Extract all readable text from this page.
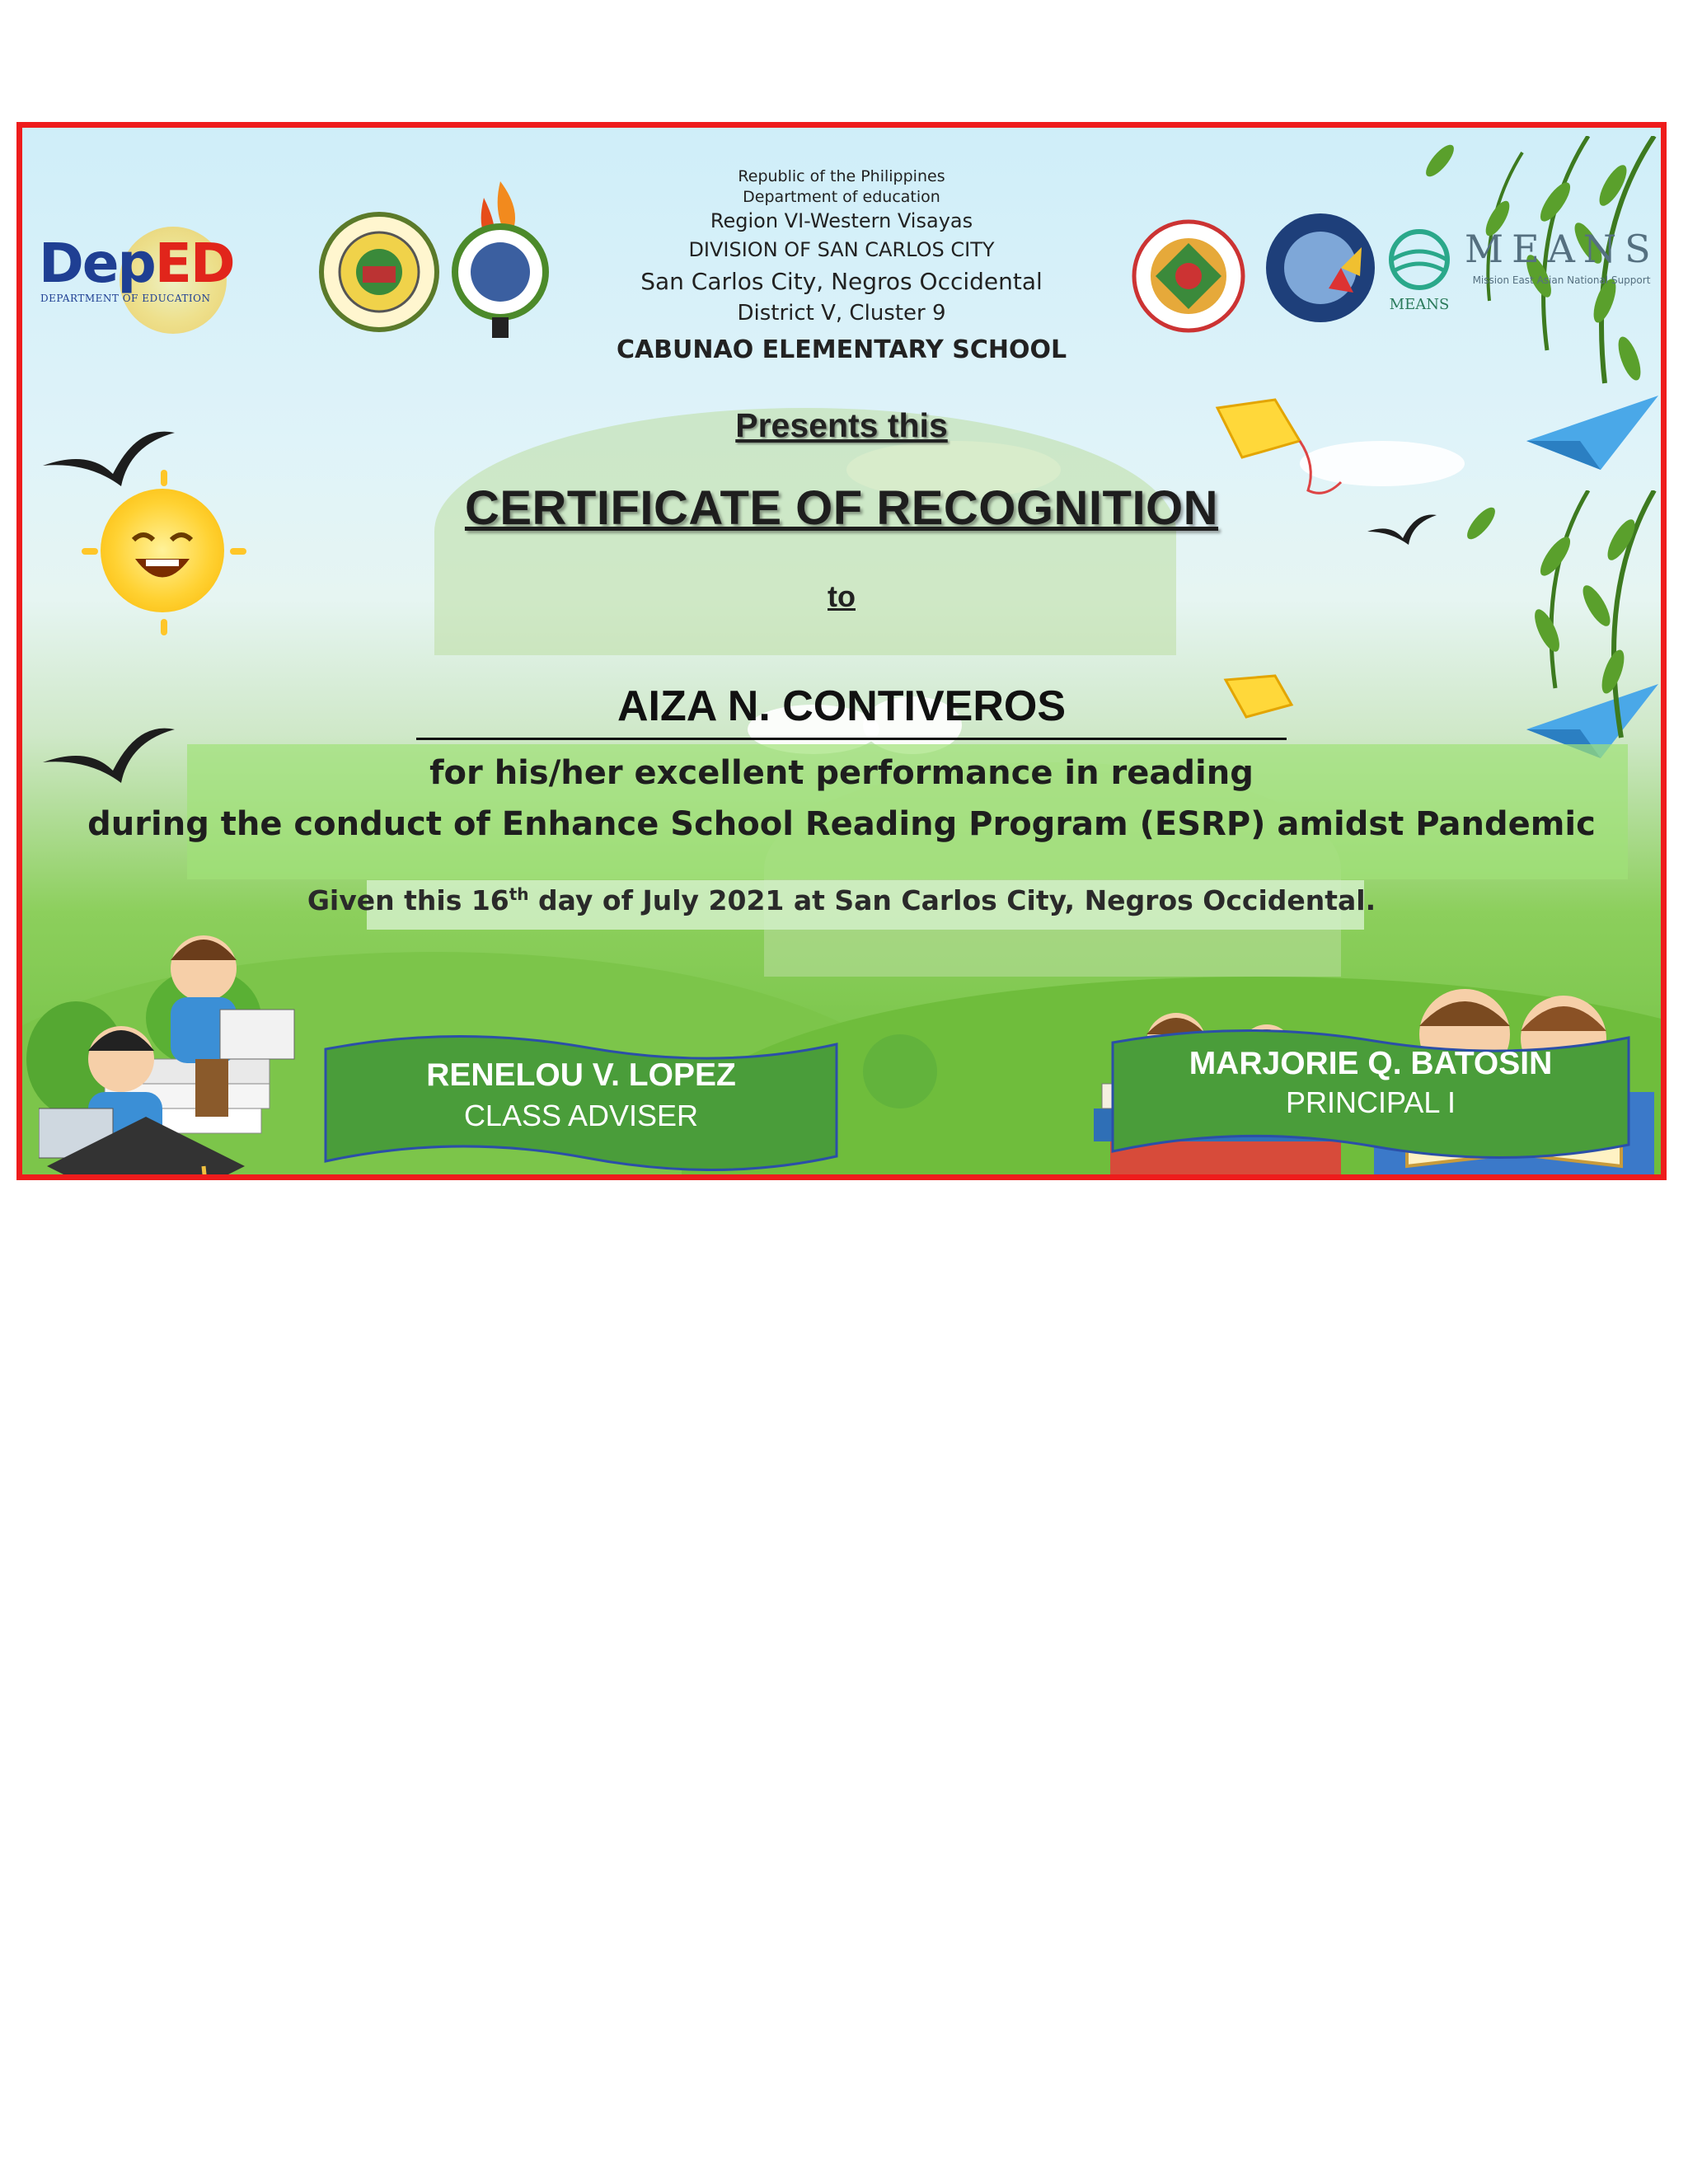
DepED
DEPARTMENT OF EDUCATION	MEANS
MEANS
Mission East Asian National Support

Republic of the Philippines

Department of education

Region VI-Western Visayas

DIVISION OF SAN CARLOS CITY

San Carlos City, Negros Occidental

District V, Cluster 9

CABUNAO ELEMENTARY SCHOOL

Presents this
CERTIFICATE OF RECOGNITION
to
AIZA N. CONTIVEROS

for his/her excellent performance in reading

during the conduct of Enhance School Reading Program (ESRP) amidst Pandemic

Given this 16th day of July 2021 at San Carlos City, Negros Occidental.
RENELOU V. LOPEZ
CLASS ADVISER
MARJORIE Q. BATOSIN
PRINCIPAL I
